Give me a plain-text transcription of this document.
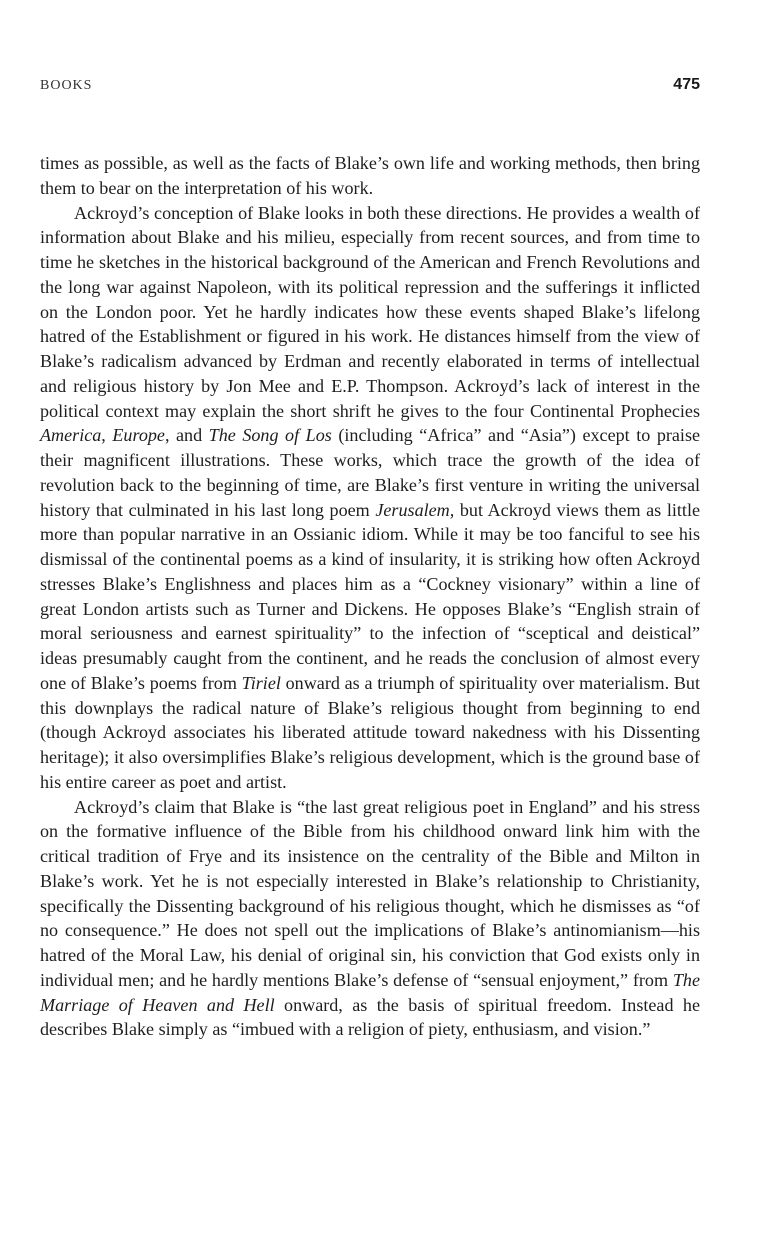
BOOKS	475

times as possible, as well as the facts of Blake’s own life and working methods, then bring them to bear on the interpretation of his work.

Ackroyd’s conception of Blake looks in both these directions. He provides a wealth of information about Blake and his milieu, especially from recent sources, and from time to time he sketches in the historical background of the American and French Revolutions and the long war against Napoleon, with its political repression and the sufferings it inflicted on the London poor. Yet he hardly indicates how these events shaped Blake’s lifelong hatred of the Establishment or figured in his work. He distances himself from the view of Blake’s radicalism advanced by Erdman and recently elaborated in terms of intellectual and religious history by Jon Mee and E.P. Thompson. Ackroyd’s lack of interest in the political context may explain the short shrift he gives to the four Continental Prophecies America, Europe, and The Song of Los (including “Africa” and “Asia”) except to praise their magnificent illustrations. These works, which trace the growth of the idea of revolution back to the beginning of time, are Blake’s first venture in writing the universal history that culminated in his last long poem Jerusalem, but Ackroyd views them as little more than popular narrative in an Ossianic idiom. While it may be too fanciful to see his dismissal of the continental poems as a kind of insularity, it is striking how often Ackroyd stresses Blake’s Englishness and places him as a “Cockney visionary” within a line of great London artists such as Turner and Dickens. He opposes Blake’s “English strain of moral seriousness and earnest spirituality” to the infection of “sceptical and deistical” ideas presumably caught from the continent, and he reads the conclusion of almost every one of Blake’s poems from Tiriel onward as a triumph of spirituality over materialism. But this downplays the radical nature of Blake’s religious thought from beginning to end (though Ackroyd associates his liberated attitude toward nakedness with his Dissenting heritage); it also oversimplifies Blake’s religious development, which is the ground base of his entire career as poet and artist.

Ackroyd’s claim that Blake is “the last great religious poet in England” and his stress on the formative influence of the Bible from his childhood onward link him with the critical tradition of Frye and its insistence on the centrality of the Bible and Milton in Blake’s work. Yet he is not especially interested in Blake’s relationship to Christianity, specifically the Dissenting background of his religious thought, which he dismisses as “of no consequence.” He does not spell out the implications of Blake’s antinomianism—his hatred of the Moral Law, his denial of original sin, his conviction that God exists only in individual men; and he hardly mentions Blake’s defense of “sensual enjoyment,” from The Marriage of Heaven and Hell onward, as the basis of spiritual freedom. Instead he describes Blake simply as “imbued with a religion of piety, enthusiasm, and vision.”
